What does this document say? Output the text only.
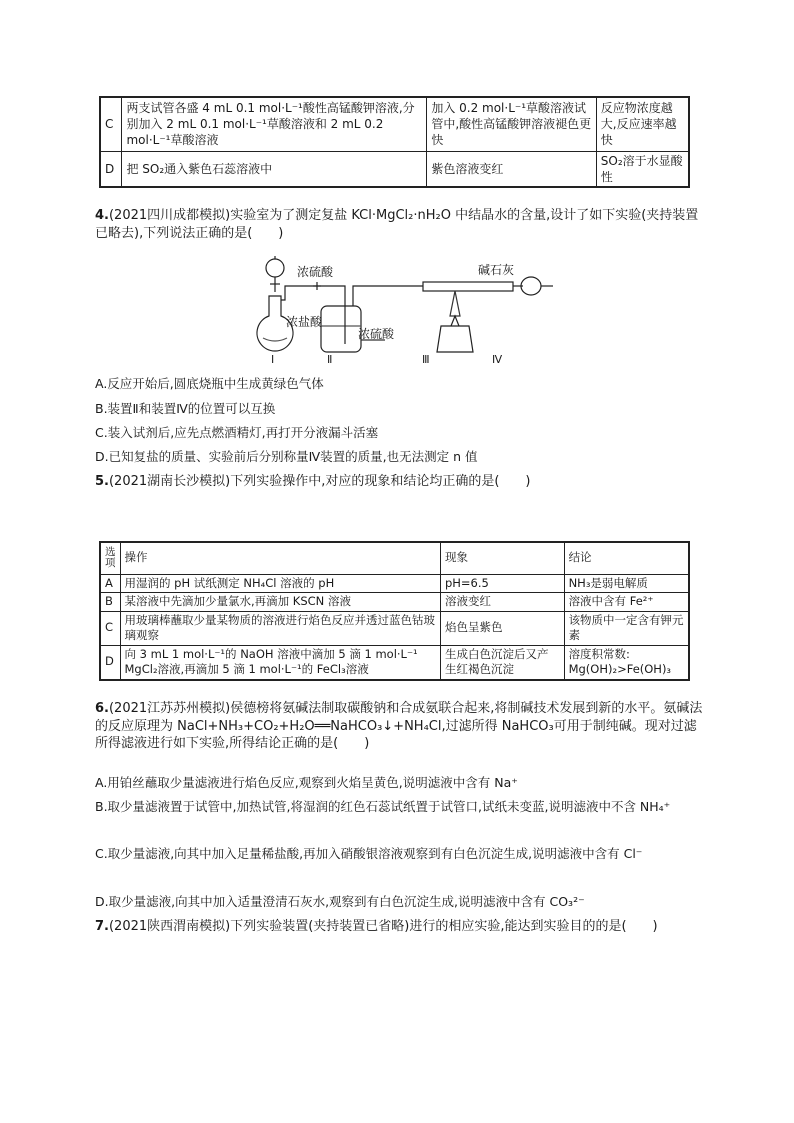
C	两支试管各盛 4 mL 0.1 mol·L⁻¹酸性高锰酸钾溶液,分别加入 2 mL 0.1 mol·L⁻¹草酸溶液和 2 mL 0.2 mol·L⁻¹草酸溶液	加入 0.2 mol·L⁻¹草酸溶液试管中,酸性高锰酸钾溶液褪色更快	反应物浓度越大,反应速率越快
D	把 SO₂通入紫色石蕊溶液中	紫色溶液变红	SO₂溶于水显酸性
4.(2021四川成都模拟)实验室为了测定复盐 KCl·MgCl₂·nH₂O 中结晶水的含量,设计了如下实验(夹持装置已略去),下列说法正确的是(　　)
浓硫酸
浓盐酸
浓硫酸
碱石灰
Ⅰ	Ⅱ	Ⅲ	Ⅳ
A.反应开始后,圆底烧瓶中生成黄绿色气体
B.装置Ⅱ和装置Ⅳ的位置可以互换
C.装入试剂后,应先点燃酒精灯,再打开分液漏斗活塞
D.已知复盐的质量、实验前后分别称量Ⅳ装置的质量,也无法测定 n 值
5.(2021湖南长沙模拟)下列实验操作中,对应的现象和结论均正确的是(　　)
选项	操作	现象	结论
A	用湿润的 pH 试纸测定 NH₄Cl 溶液的 pH	pH=6.5	NH₃是弱电解质
B	某溶液中先滴加少量氯水,再滴加 KSCN 溶液	溶液变红	溶液中含有 Fe²⁺
C	用玻璃棒蘸取少量某物质的溶液进行焰色反应并透过蓝色钴玻璃观察	焰色呈紫色	该物质中一定含有钾元素
D	向 3 mL 1 mol·L⁻¹的 NaOH 溶液中滴加 5 滴 1 mol·L⁻¹ MgCl₂溶液,再滴加 5 滴 1 mol·L⁻¹的 FeCl₃溶液	生成白色沉淀后又产生红褐色沉淀	溶度积常数: Mg(OH)₂>Fe(OH)₃
6.(2021江苏苏州模拟)侯德榜将氨碱法制取碳酸钠和合成氨联合起来,将制碱技术发展到新的水平。氨碱法的反应原理为 NaCl+NH₃+CO₂+H₂O══NaHCO₃↓+NH₄Cl,过滤所得 NaHCO₃可用于制纯碱。现对过滤所得滤液进行如下实验,所得结论正确的是(　　)
A.用铂丝蘸取少量滤液进行焰色反应,观察到火焰呈黄色,说明滤液中含有 Na⁺
B.取少量滤液置于试管中,加热试管,将湿润的红色石蕊试纸置于试管口,试纸未变蓝,说明滤液中不含 NH₄⁺
C.取少量滤液,向其中加入足量稀盐酸,再加入硝酸银溶液观察到有白色沉淀生成,说明滤液中含有 Cl⁻
D.取少量滤液,向其中加入适量澄清石灰水,观察到有白色沉淀生成,说明滤液中含有 CO₃²⁻
7.(2021陕西渭南模拟)下列实验装置(夹持装置已省略)进行的相应实验,能达到实验目的的是(　　)
